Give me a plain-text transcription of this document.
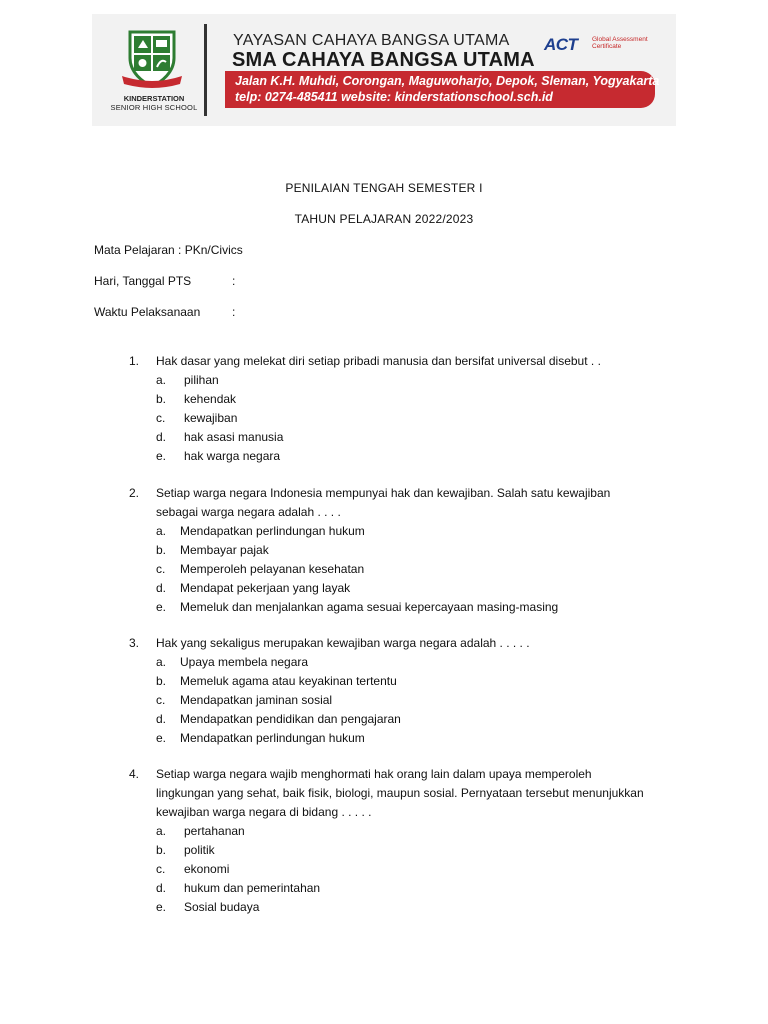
KINDERSTATION
SENIOR HIGH SCHOOL
YAYASAN CAHAYA BANGSA UTAMA
SMA CAHAYA BANGSA UTAMA
ACT Global Assessment Certificate
Jalan K.H. Muhdi, Corongan, Maguwoharjo, Depok, Sleman, Yogyakarta
telp: 0274-485411 website: kinderstationschool.sch.id
PENILAIAN TENGAH SEMESTER I
TAHUN PELAJARAN 2022/2023
Mata Pelajaran : PKn/Civics
Hari, Tanggal PTS	:
Waktu Pelaksanaan	:
1. Hak dasar yang melekat diri setiap pribadi manusia dan bersifat universal disebut . .
a. pilihan
b. kehendak
c. kewajiban
d. hak asasi manusia
e. hak warga negara
2. Setiap warga negara Indonesia mempunyai hak dan kewajiban. Salah satu kewajiban sebagai warga negara adalah . . . .
a. Mendapatkan perlindungan hukum
b. Membayar pajak
c. Memperoleh pelayanan kesehatan
d. Mendapat pekerjaan yang layak
e. Memeluk dan menjalankan agama sesuai kepercayaan masing-masing
3. Hak yang sekaligus merupakan kewajiban warga negara adalah . . . . .
a. Upaya membela negara
b. Memeluk agama atau keyakinan tertentu
c. Mendapatkan jaminan sosial
d. Mendapatkan pendidikan dan pengajaran
e. Mendapatkan perlindungan hukum
4. Setiap warga negara wajib menghormati hak orang lain dalam upaya memperoleh lingkungan yang sehat, baik fisik, biologi, maupun sosial. Pernyataan tersebut menunjukkan kewajiban warga negara di bidang . . . . .
a. pertahanan
b. politik
c. ekonomi
d. hukum dan pemerintahan
e. Sosial budaya
